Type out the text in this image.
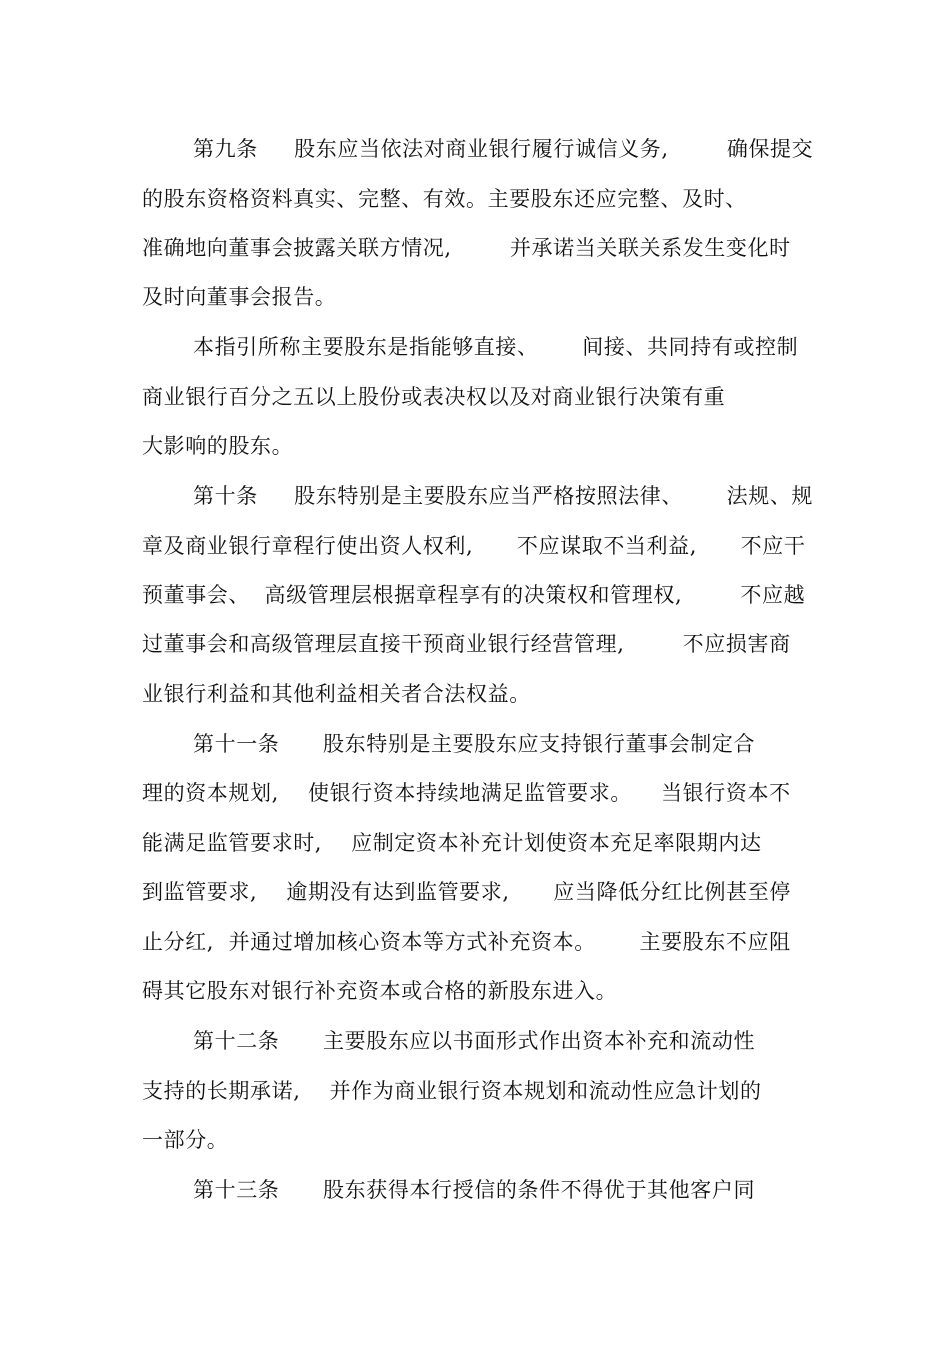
第九条     股东应当依法对商业银行履行诚信义务,        确保提交
的股东资格资料真实、完整、有效。主要股东还应完整、及时、
准确地向董事会披露关联方情况,        并承诺当关联关系发生变化时
及时向董事会报告。
本指引所称主要股东是指能够直接、      间接、共同持有或控制
商业银行百分之五以上股份或表决权以及对商业银行决策有重
大影响的股东。
第十条     股东特别是主要股东应当严格按照法律、      法规、规
章及商业银行章程行使出资人权利,      不应谋取不当利益,      不应干
预董事会、  高级管理层根据章程享有的决策权和管理权,        不应越
过董事会和高级管理层直接干预商业银行经营管理,        不应损害商
业银行利益和其他利益相关者合法权益。
第十一条      股东特别是主要股东应支持银行董事会制定合
理的资本规划,    使银行资本持续地满足监管要求。    当银行资本不
能满足监管要求时,    应制定资本补充计划使资本充足率限期内达
到监管要求,    逾期没有达到监管要求,      应当降低分红比例甚至停
止分红,  并通过增加核心资本等方式补充资本。      主要股东不应阻
碍其它股东对银行补充资本或合格的新股东进入。
第十二条      主要股东应以书面形式作出资本补充和流动性
支持的长期承诺,    并作为商业银行资本规划和流动性应急计划的
一部分。
第十三条      股东获得本行授信的条件不得优于其他客户同
